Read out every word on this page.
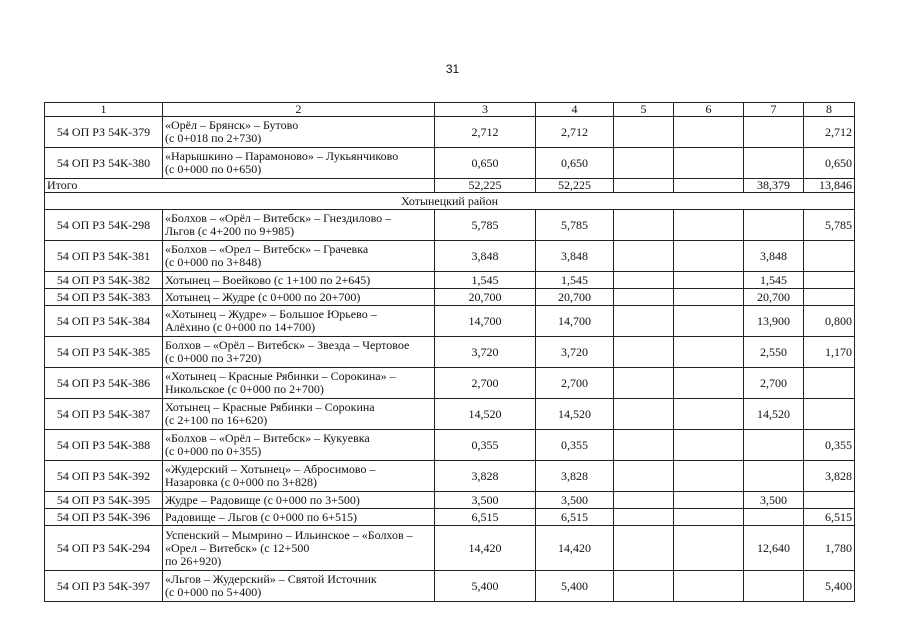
31
1	2	3	4	5	6	7	8
54 ОП РЗ 54К-379	«Орёл – Брянск» – Бутово
(с 0+018 по 2+730)	2,712	2,712				2,712
54 ОП РЗ 54К-380	«Нарышкино – Парамоново» – Лукьянчиково
(с 0+000 по 0+650)	0,650	0,650				0,650
Итого		52,225	52,225			38,379	13,846
Хотынецкий район							
54 ОП РЗ 54К-298	«Болхов – «Орёл – Витебск» – Гнездилово –
Льгов (с 4+200 по 9+985)	5,785	5,785				5,785
54 ОП РЗ 54К-381	«Болхов – «Орел – Витебск» – Грачевка
(с 0+000 по 3+848)	3,848	3,848			3,848	
54 ОП РЗ 54К-382	Хотынец – Воейково (с 1+100 по 2+645)	1,545	1,545			1,545	
54 ОП РЗ 54К-383	Хотынец – Жудре (с 0+000 по 20+700)	20,700	20,700			20,700	
54 ОП РЗ 54К-384	«Хотынец – Жудре» – Большое Юрьево –
Алёхино (с 0+000 по 14+700)	14,700	14,700			13,900	0,800
54 ОП РЗ 54К-385	Болхов – «Орёл – Витебск» – Звезда – Чертовое
(с 0+000 по 3+720)	3,720	3,720			2,550	1,170
54 ОП РЗ 54К-386	«Хотынец – Красные Рябинки – Сорокина» –
Никольское (с 0+000 по 2+700)	2,700	2,700			2,700	
54 ОП РЗ 54К-387	Хотынец – Красные Рябинки – Сорокина
(с 2+100 по 16+620)	14,520	14,520			14,520	
54 ОП РЗ 54К-388	«Болхов – «Орёл – Витебск» – Кукуевка
(с 0+000 по 0+355)	0,355	0,355				0,355
54 ОП РЗ 54К-392	«Жудерский – Хотынец» – Абросимово –
Назаровка (с 0+000 по 3+828)	3,828	3,828				3,828
54 ОП РЗ 54К-395	Жудре – Радовище (с 0+000 по 3+500)	3,500	3,500			3,500	
54 ОП РЗ 54К-396	Радовище – Льгов (с 0+000 по 6+515)	6,515	6,515				6,515
54 ОП РЗ 54К-294	Успенский – Мымрино – Ильинское – «Болхов –
«Орел – Витебск» (с 12+500
по 26+920)	14,420	14,420			12,640	1,780
54 ОП РЗ 54К-397	«Льгов – Жудерский» – Святой Источник
(с 0+000 по 5+400)	5,400	5,400				5,400
